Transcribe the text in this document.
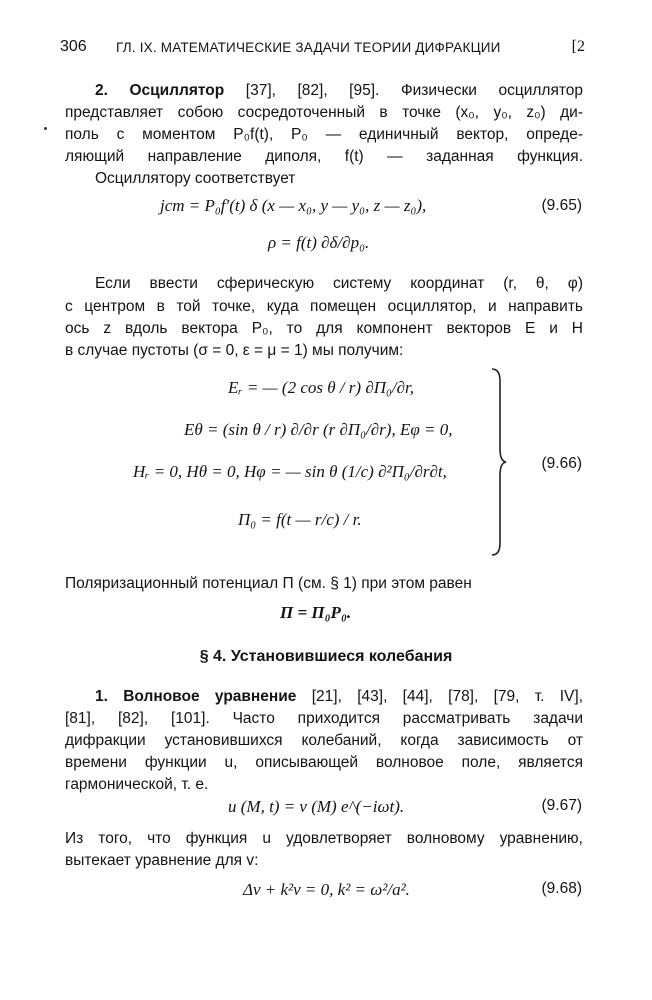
306 ГЛ. IX. МАТЕМАТИЧЕСКИЕ ЗАДАЧИ ТЕОРИИ ДИФРАКЦИИ	[2
2. Осциллятор [37], [82], [95]. Физически осциллятор
представляет собою сосредоточенный в точке (x₀, y₀, z₀) ди-
поль с моментом P₀f(t), P₀ — единичный вектор, опреде-
ляющий направление диполя, f(t) — заданная функция.
Осциллятору соответствует
jст = P₀f′(t) δ (x — x₀, y — y₀, z — z₀),	(9.65)
ρ = f(t) ∂δ/∂p₀.
Если ввести сферическую систему координат (r, θ, φ)
с центром в той точке, куда помещен осциллятор, и направить
ось z вдоль вектора P₀, то для компонент векторов E и H
в случае пустоты (σ = 0, ε = μ = 1) мы получим:
Eᵣ = — (2 cos θ / r) ∂Π₀/∂r,
Eθ = (sin θ / r) ∂/∂r (r ∂Π₀/∂r), Eφ = 0,
Hᵣ = 0, Hθ = 0, Hφ = — sin θ (1/c) ∂²Π₀/∂r∂t,
Π₀ = f(t — r/c) / r.
(9.66)
Поляризационный потенциал Π (см. § 1) при этом равен
Π = Π₀P₀.
§ 4. Установившиеся колебания
1. Волновое уравнение [21], [43], [44], [78], [79, т. IV],
[81], [82], [101]. Часто приходится рассматривать задачи
дифракции установившихся колебаний, когда зависимость от
времени функции u, описывающей волновое поле, является
гармонической, т. е.
u (M, t) = v (M) e^(−iωt).	(9.67)
Из того, что функция u удовлетворяет волновому уравнению,
вытекает уравнение для v:
Δv + k²v = 0, k² = ω²/a².	(9.68)
